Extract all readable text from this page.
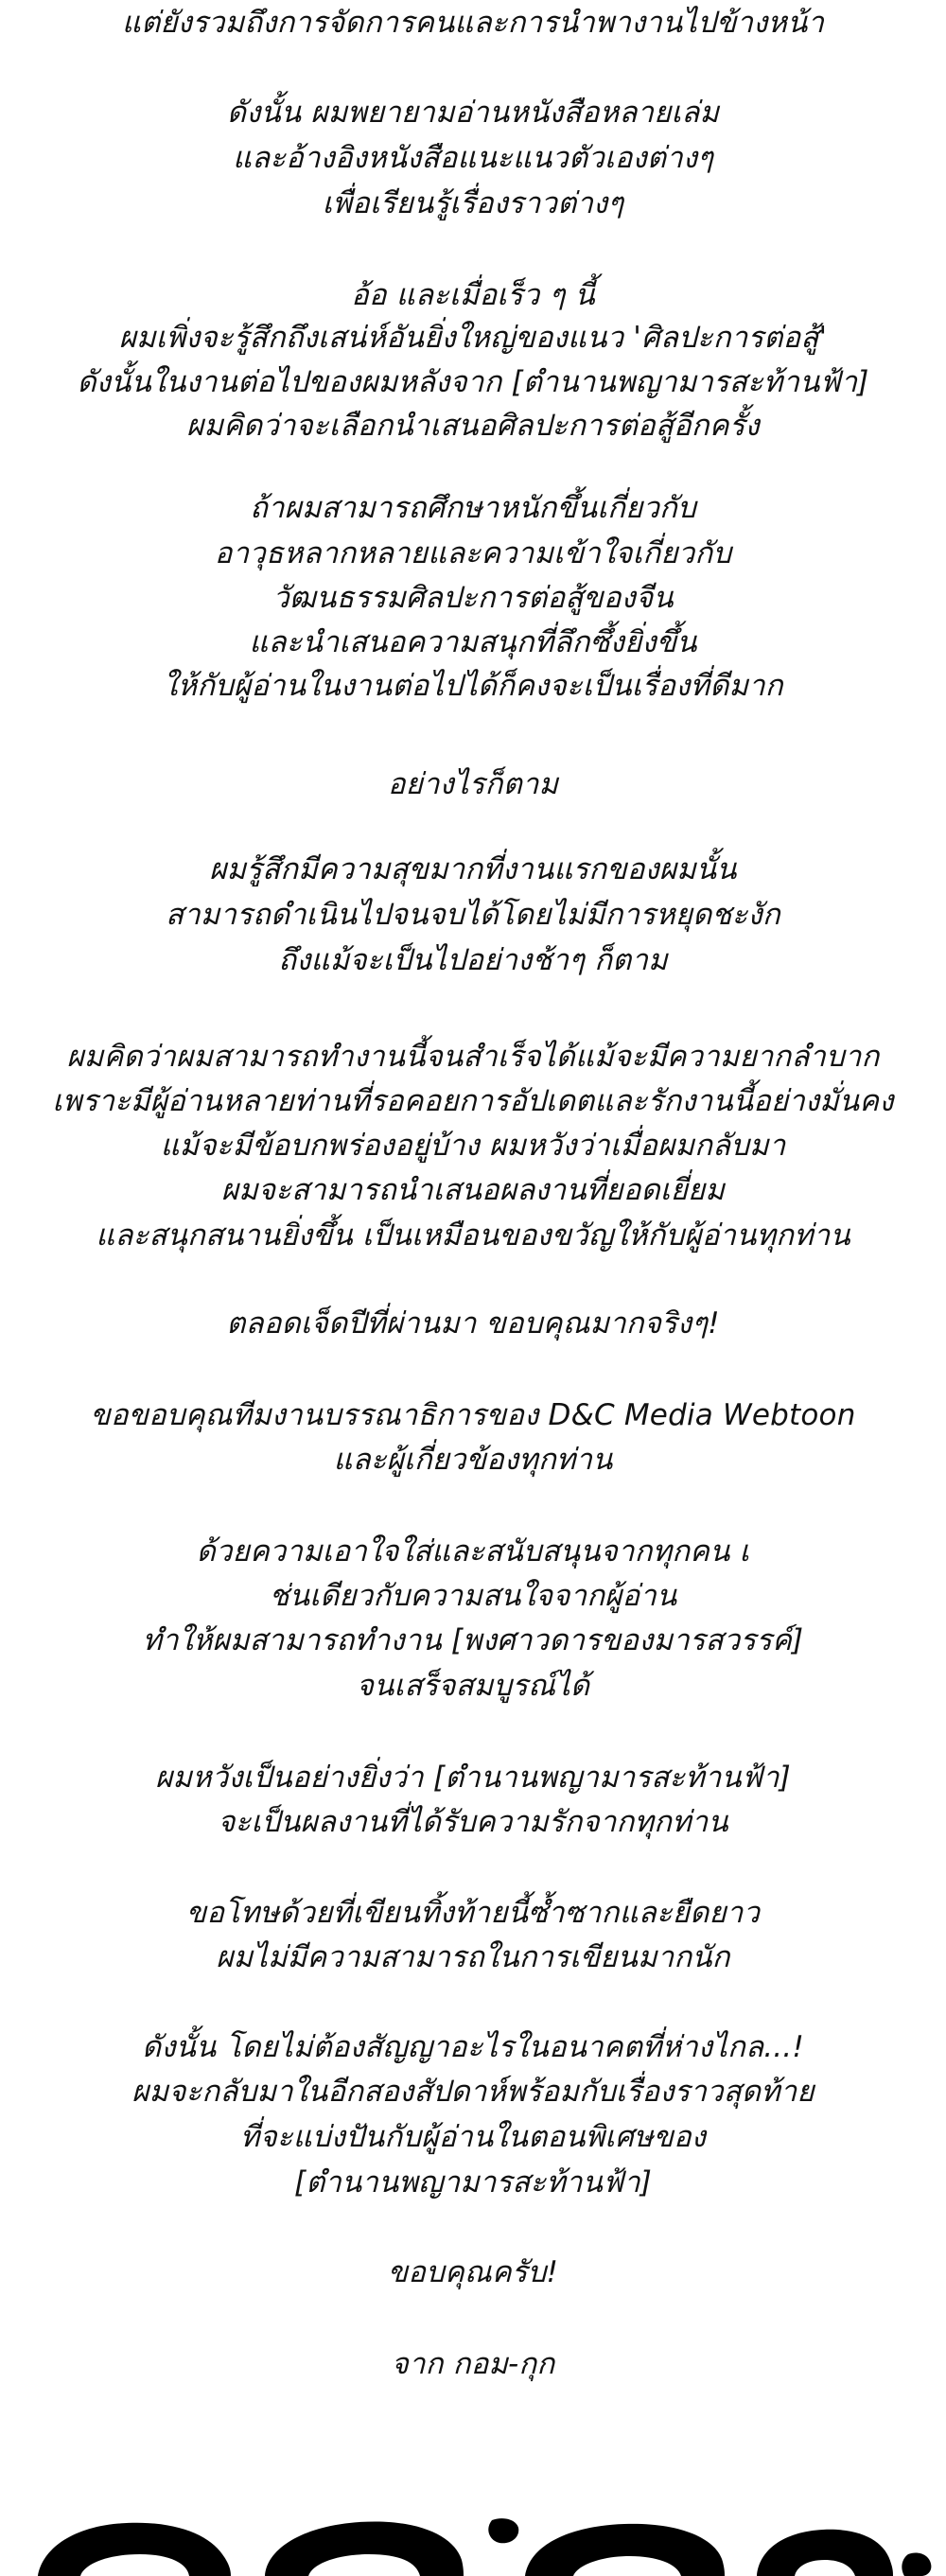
แต่ยังรวมถึงการจัดการคนและการนำพางานไปข้างหน้า
ดังนั้น ผมพยายามอ่านหนังสือหลายเล่ม
และอ้างอิงหนังสือแนะแนวตัวเองต่างๆ
เพื่อเรียนรู้เรื่องราวต่างๆ
อ้อ และเมื่อเร็ว ๆ นี้
ผมเพิ่งจะรู้สึกถึงเสน่ห์อันยิ่งใหญ่ของแนว 'ศิลปะการต่อสู้'
ดังนั้นในงานต่อไปของผมหลังจาก [ตำนานพญามารสะท้านฟ้า]
ผมคิดว่าจะเลือกนำเสนอศิลปะการต่อสู้อีกครั้ง
ถ้าผมสามารถศึกษาหนักขึ้นเกี่ยวกับ
อาวุธหลากหลายและความเข้าใจเกี่ยวกับ
วัฒนธรรมศิลปะการต่อสู้ของจีน
และนำเสนอความสนุกที่ลึกซึ้งยิ่งขึ้น
ให้กับผู้อ่านในงานต่อไปได้ก็คงจะเป็นเรื่องที่ดีมาก
อย่างไรก็ตาม
ผมรู้สึกมีความสุขมากที่งานแรกของผมนั้น
สามารถดำเนินไปจนจบได้โดยไม่มีการหยุดชะงัก
ถึงแม้จะเป็นไปอย่างช้าๆ ก็ตาม
ผมคิดว่าผมสามารถทำงานนี้จนสำเร็จได้แม้จะมีความยากลำบาก
เพราะมีผู้อ่านหลายท่านที่รอคอยการอัปเดตและรักงานนี้อย่างมั่นคง
แม้จะมีข้อบกพร่องอยู่บ้าง ผมหวังว่าเมื่อผมกลับมา
ผมจะสามารถนำเสนอผลงานที่ยอดเยี่ยม
และสนุกสนานยิ่งขึ้น เป็นเหมือนของขวัญให้กับผู้อ่านทุกท่าน
ตลอดเจ็ดปีที่ผ่านมา ขอบคุณมากจริงๆ!
ขอขอบคุณทีมงานบรรณาธิการของ D&C Media Webtoon
และผู้เกี่ยวข้องทุกท่าน
ด้วยความเอาใจใส่และสนับสนุนจากทุกคน เ
ช่นเดียวกับความสนใจจากผู้อ่าน
ทำให้ผมสามารถทำงาน [พงศาวดารของมารสวรรค์]
จนเสร็จสมบูรณ์ได้
ผมหวังเป็นอย่างยิ่งว่า [ตำนานพญามารสะท้านฟ้า]
จะเป็นผลงานที่ได้รับความรักจากทุกท่าน
ขอโทษด้วยที่เขียนทิ้งท้ายนี้ซ้ำซากและยืดยาว
ผมไม่มีความสามารถในการเขียนมากนัก
ดังนั้น โดยไม่ต้องสัญญาอะไรในอนาคตที่ห่างไกล...!
ผมจะกลับมาในอีกสองสัปดาห์พร้อมกับเรื่องราวสุดท้าย
ที่จะแบ่งปันกับผู้อ่านในตอนพิเศษของ
[ตำนานพญามารสะท้านฟ้า]
ขอบคุณครับ!
จาก กอม-กุก
